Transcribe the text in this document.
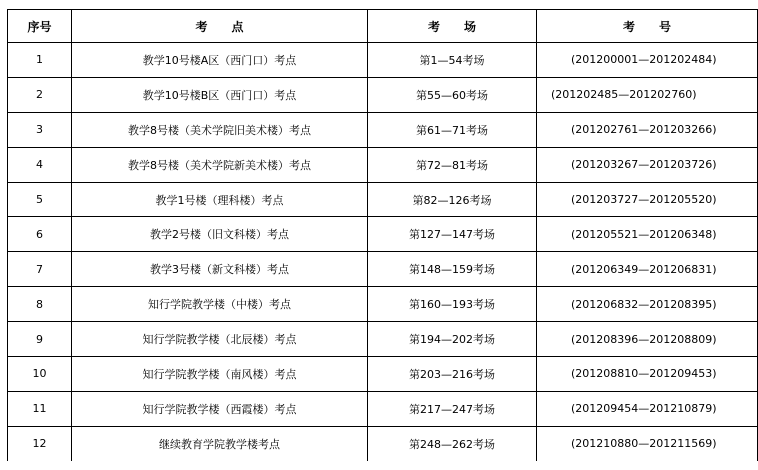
序号	考　　点	考　　场	考　　号
1	教学10号楼A区（西门口）考点	第1—54考场	(201200001—201202484)
2	教学10号楼B区（西门口）考点	第55—60考场	(201202485—201202760)
3	教学8号楼（美术学院旧美术楼）考点	第61—71考场	(201202761—201203266)
4	教学8号楼（美术学院新美术楼）考点	第72—81考场	(201203267—201203726)
5	教学1号楼（理科楼）考点	第82—126考场	(201203727—201205520)
6	教学2号楼（旧文科楼）考点	第127—147考场	(201205521—201206348)
7	教学3号楼（新文科楼）考点	第148—159考场	(201206349—201206831)
8	知行学院教学楼（中楼）考点	第160—193考场	(201206832—201208395)
9	知行学院教学楼（北辰楼）考点	第194—202考场	(201208396—201208809)
10	知行学院教学楼（南风楼）考点	第203—216考场	(201208810—201209453)
11	知行学院教学楼（西霞楼）考点	第217—247考场	(201209454—201210879)
12	继续教育学院教学楼考点	第248—262考场	(201210880—201211569)
